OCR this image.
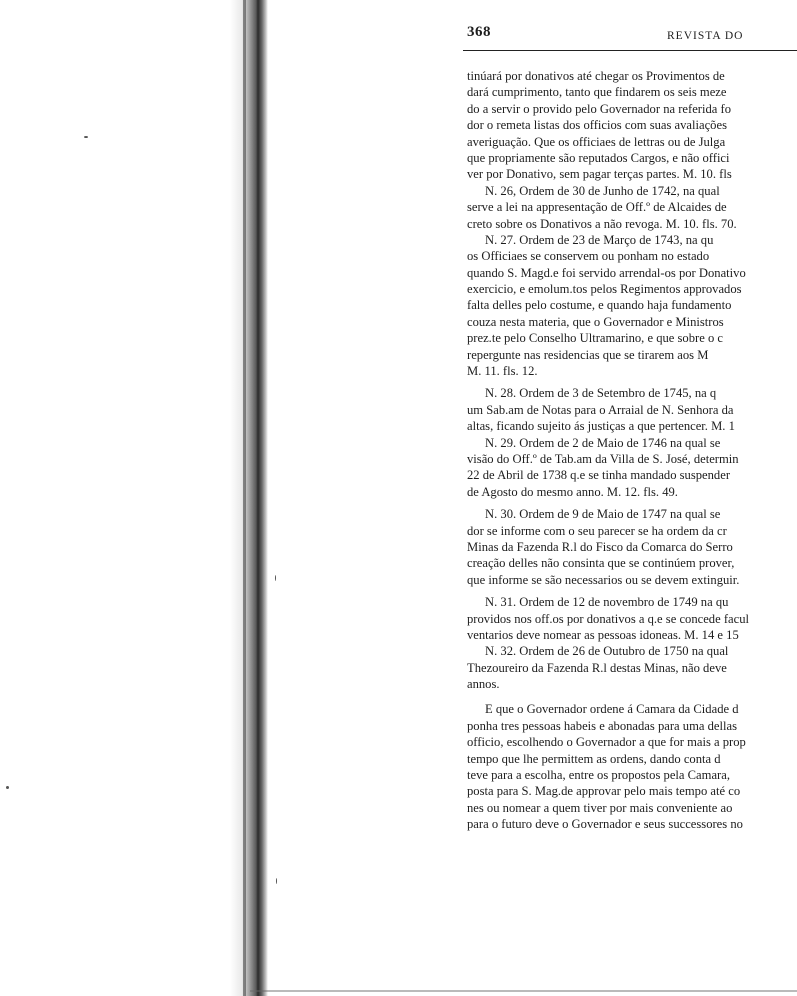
368	REVISTA DO
tinúará por donativos até chegar os Provimentos de
dará cumprimento, tanto que findarem os seis meze
do a servir o provido pelo Governador na referida fo
dor o remeta listas dos officios com suas avaliações
averiguação. Que os officiaes de lettras ou de Julga
que propriamente são reputados Cargos, e não offici
ver por Donativo, sem pagar terças partes. M. 10. fls
N. 26, Ordem de 30 de Junho de 1742, na qual
serve a lei na appresentação de Off.º de Alcaides de
creto sobre os Donativos a não revoga. M. 10. fls. 70.
N. 27. Ordem de 23 de Março de 1743, na qu
os Officiaes se conservem ou ponham no estado
quando S. Magd.e foi servido arrendal-os por Donativo
exercicio, e emolum.tos pelos Regimentos approvados
falta delles pelo costume, e quando haja fundamento
couza nesta materia, que o Governador e Ministros
prez.te pelo Conselho Ultramarino, e que sobre o c
repergunte nas residencias que se tirarem aos M
M. 11. fls. 12.
N. 28. Ordem de 3 de Setembro de 1745, na q
um Sab.am de Notas para o Arraial de N. Senhora da
altas, ficando sujeito ás justiças a que pertencer. M. 1
N. 29. Ordem de 2 de Maio de 1746 na qual se
visão do Off.º de Tab.am da Villa de S. José, determin
22 de Abril de 1738 q.e se tinha mandado suspender
de Agosto do mesmo anno. M. 12. fls. 49.
N. 30. Ordem de 9 de Maio de 1747 na qual se
dor se informe com o seu parecer se ha ordem da cr
Minas da Fazenda R.l do Fisco da Comarca do Serro
creação delles não consinta que se continúem prover,
que informe se são necessarios ou se devem extinguir.
N. 31. Ordem de 12 de novembro de 1749 na qu
providos nos off.os por donativos a q.e se concede facul
ventarios deve nomear as pessoas idoneas. M. 14 e 15
N. 32. Ordem de 26 de Outubro de 1750 na qual
Thezoureiro da Fazenda R.l destas Minas, não deve
annos.
E que o Governador ordene á Camara da Cidade d
ponha tres pessoas habeis e abonadas para uma dellas
officio, escolhendo o Governador a que for mais a prop
tempo que lhe permittem as ordens, dando conta d
teve para a escolha, entre os propostos pela Camara,
posta para S. Mag.de approvar pelo mais tempo até co
nes ou nomear a quem tiver por mais conveniente ao
para o futuro deve o Governador e seus successores no
